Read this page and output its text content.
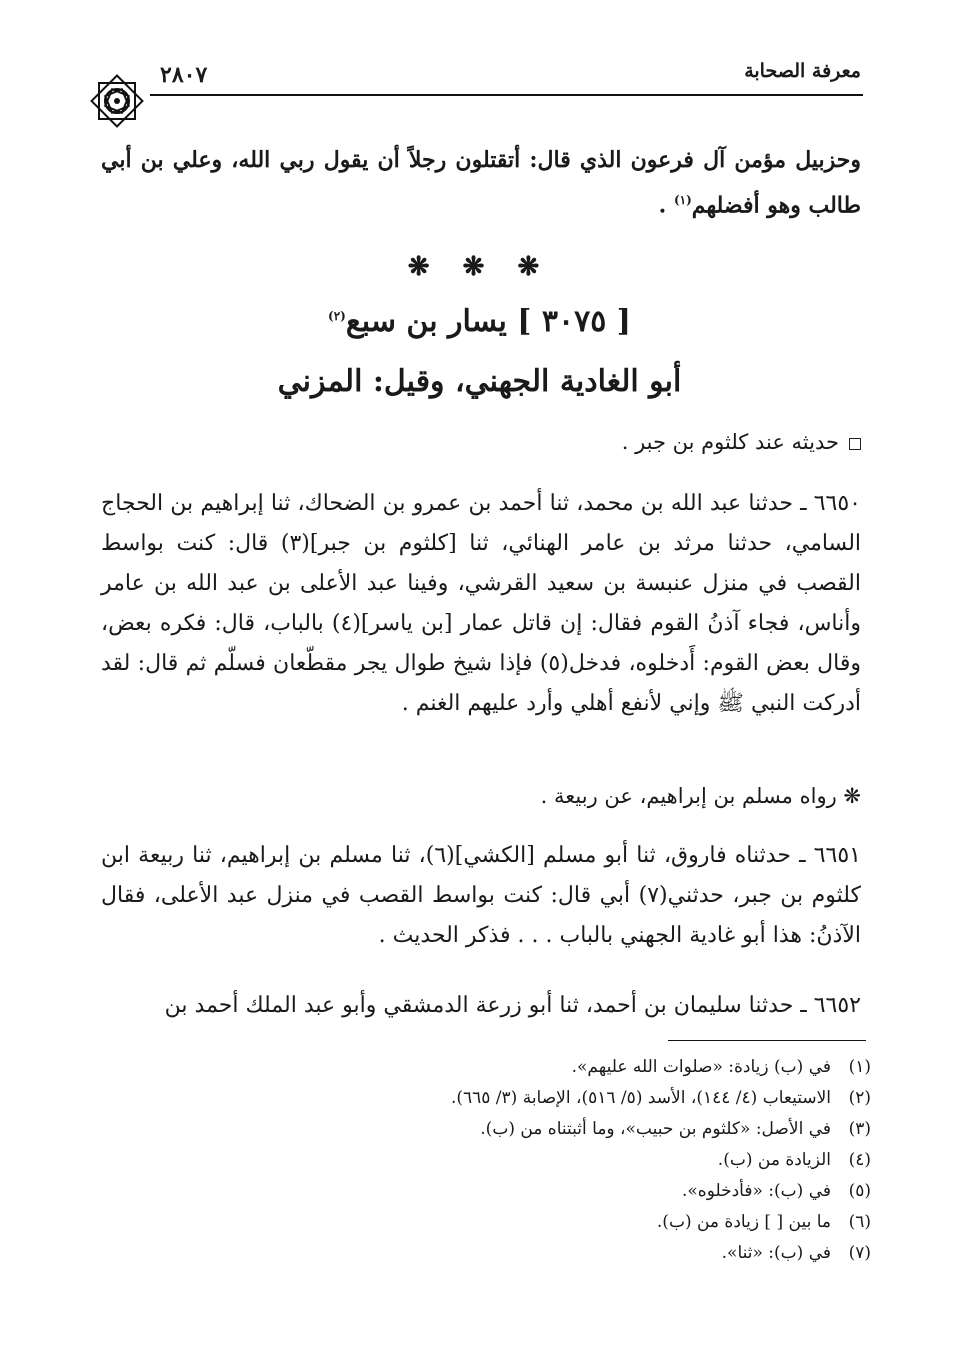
معرفة الصحابة
٢٨٠٧
وحزبيل مؤمن آل فرعون الذي قال: أتقتلون رجلاً أن يقول ربي الله، وعلي بن أبي طالب وهو أفضلهم$^{(١)}$ .
❋ ❋ ❋
[ ٣٠٧٥ ] يسار بن سبع$^{(٢)}$
أبو الغادية الجهني، وقيل: المزني
حديثه عند كلثوم بن جبر .
٦٦٥٠ ـ حدثنا عبد الله بن محمد، ثنا أحمد بن عمرو بن الضحاك، ثنا إبراهيم بن الحجاج السامي، حدثنا مرثد بن عامر الهنائي، ثنا [كلثوم بن جبر](٣) قال: كنت بواسط القصب في منزل عنبسة بن سعيد القرشي، وفينا عبد الأعلى بن عبد الله بن عامر وأناس، فجاء آذنُ القوم فقال: إن قاتل عمار [بن ياسر](٤) بالباب، قال: فكره بعض، وقال بعض القوم: أَدخلوه، فدخل(٥) فإذا شيخ طوال يجر مقطّعان فسلّم ثم قال: لقد أدركت النبي ﷺ وإني لأنفع أهلي وأرد عليهم الغنم .
❋ رواه مسلم بن إبراهيم، عن ربيعة .
٦٦٥١ ـ حدثناه فاروق، ثنا أبو مسلم [الكشي](٦)، ثنا مسلم بن إبراهيم، ثنا ربيعة ابن كلثوم بن جبر، حدثني(٧) أبي قال: كنت بواسط القصب في منزل عبد الأعلى، فقال الآذنُ: هذا أبو غادية الجهني بالباب . . . فذكر الحديث .
٦٦٥٢ ـ حدثنا سليمان بن أحمد، ثنا أبو زرعة الدمشقي وأبو عبد الملك أحمد بن
(١)في (ب) زيادة: «صلوات الله عليهم».
(٢)الاستيعاب (٤/ ١٤٤)، الأسد (٥/ ٥١٦)، الإصابة (٣/ ٦٦٥).
(٣)في الأصل: «كلثوم بن حبيب»، وما أثبتناه من (ب).
(٤)الزيادة من (ب).
(٥)في (ب): «فأدخلوه».
(٦)ما بين [ ] زيادة من (ب).
(٧)في (ب): «ثنا».
